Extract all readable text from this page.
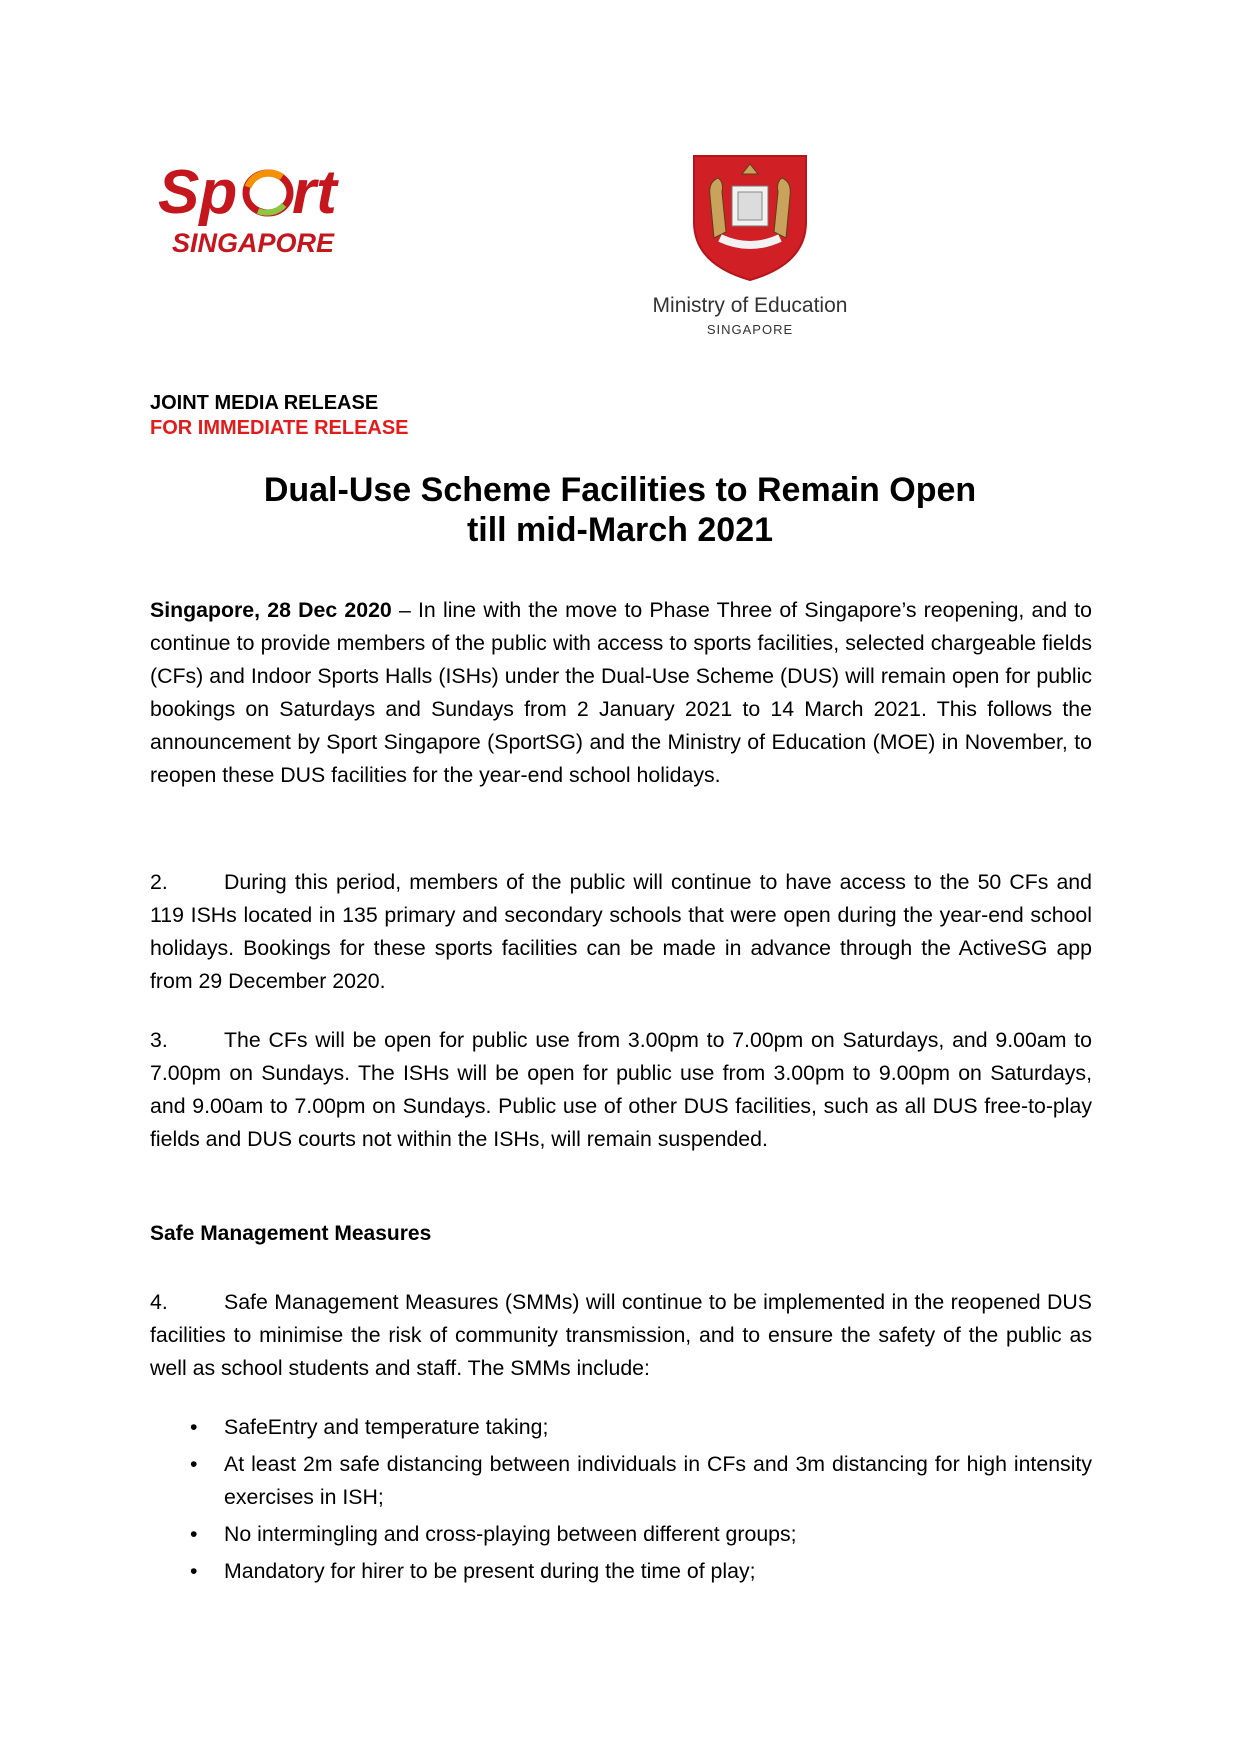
Sp rt
SINGAPORE
Ministry of Education
SINGAPORE
JOINT MEDIA RELEASE
FOR IMMEDIATE RELEASE
Dual-Use Scheme Facilities to Remain Open
till mid-March 2021
Singapore, 28 Dec 2020 – In line with the move to Phase Three of Singapore’s reopening, and to continue to provide members of the public with access to sports facilities, selected chargeable fields (CFs) and Indoor Sports Halls (ISHs) under the Dual-Use Scheme (DUS) will remain open for public bookings on Saturdays and Sundays from 2 January 2021 to 14 March 2021. This follows the announcement by Sport Singapore (SportSG) and the Ministry of Education (MOE) in November, to reopen these DUS facilities for the year-end school holidays.
2.	During this period, members of the public will continue to have access to the 50 CFs and 119 ISHs located in 135 primary and secondary schools that were open during the year-end school holidays. Bookings for these sports facilities can be made in advance through the ActiveSG app from 29 December 2020.
3.	The CFs will be open for public use from 3.00pm to 7.00pm on Saturdays, and 9.00am to 7.00pm on Sundays. The ISHs will be open for public use from 3.00pm to 9.00pm on Saturdays, and 9.00am to 7.00pm on Sundays. Public use of other DUS facilities, such as all DUS free-to-play fields and DUS courts not within the ISHs, will remain suspended.
Safe Management Measures
4.	Safe Management Measures (SMMs) will continue to be implemented in the reopened DUS facilities to minimise the risk of community transmission, and to ensure the safety of the public as well as school students and staff. The SMMs include:
• SafeEntry and temperature taking;
• At least 2m safe distancing between individuals in CFs and 3m distancing for high intensity exercises in ISH;
• No intermingling and cross-playing between different groups;
• Mandatory for hirer to be present during the time of play;
